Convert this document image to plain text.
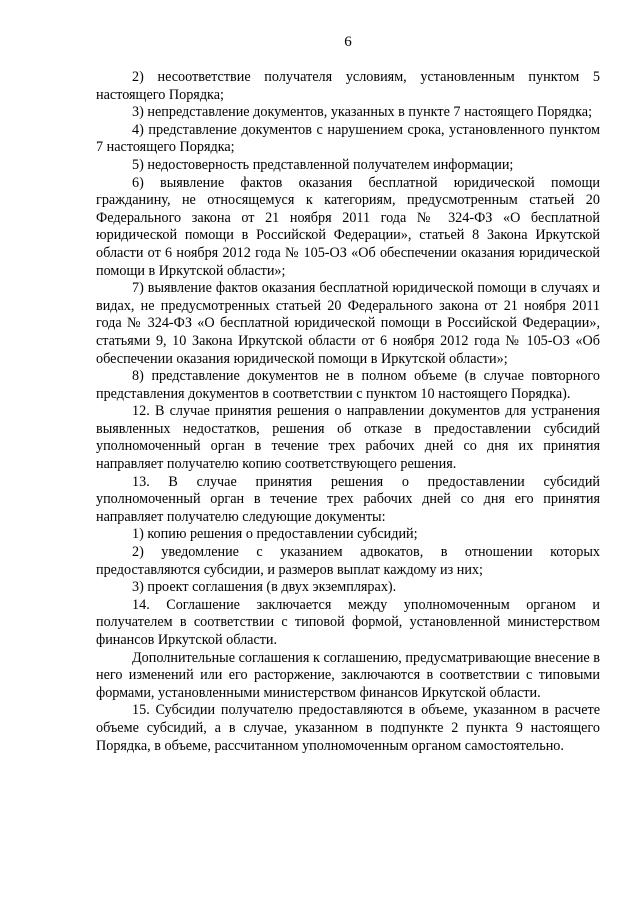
6

2) несоответствие получателя условиям, установленным пунктом 5 настоящего Порядка;

3) непредставление документов, указанных в пункте 7 настоящего Порядка;

4) представление документов с нарушением срока, установленного пунктом 7 настоящего Порядка;

5) недостоверность представленной получателем информации;

6) выявление фактов оказания бесплатной юридической помощи гражданину, не относящемуся к категориям, предусмотренным статьей 20 Федерального закона от 21 ноября 2011 года № 324-ФЗ «О бесплатной юридической помощи в Российской Федерации», статьей 8 Закона Иркутской области от 6 ноября 2012 года № 105-ОЗ «Об обеспечении оказания юридической помощи в Иркутской области»;

7) выявление фактов оказания бесплатной юридической помощи в случаях и видах, не предусмотренных статьей 20 Федерального закона от 21 ноября 2011 года № 324-ФЗ «О бесплатной юридической помощи в Российской Федерации», статьями 9, 10 Закона Иркутской области от 6 ноября 2012 года № 105-ОЗ «Об обеспечении оказания юридической помощи в Иркутской области»;

8) представление документов не в полном объеме (в случае повторного представления документов в соответствии с пунктом 10 настоящего Порядка).

12. В случае принятия решения о направлении документов для устранения выявленных недостатков, решения об отказе в предоставлении субсидий уполномоченный орган в течение трех рабочих дней со дня их принятия направляет получателю копию соответствующего решения.

13. В случае принятия решения о предоставлении субсидий уполномоченный орган в течение трех рабочих дней со дня его принятия направляет получателю следующие документы:

1) копию решения о предоставлении субсидий;

2) уведомление с указанием адвокатов, в отношении которых предоставляются субсидии, и размеров выплат каждому из них;

3) проект соглашения (в двух экземплярах).

14. Соглашение заключается между уполномоченным органом и получателем в соответствии с типовой формой, установленной министерством финансов Иркутской области.

Дополнительные соглашения к соглашению, предусматривающие внесение в него изменений или его расторжение, заключаются в соответствии с типовыми формами, установленными министерством финансов Иркутской области.

15. Субсидии получателю предоставляются в объеме, указанном в расчете объеме субсидий, а в случае, указанном в подпункте 2 пункта 9 настоящего Порядка, в объеме, рассчитанном уполномоченным органом самостоятельно.
